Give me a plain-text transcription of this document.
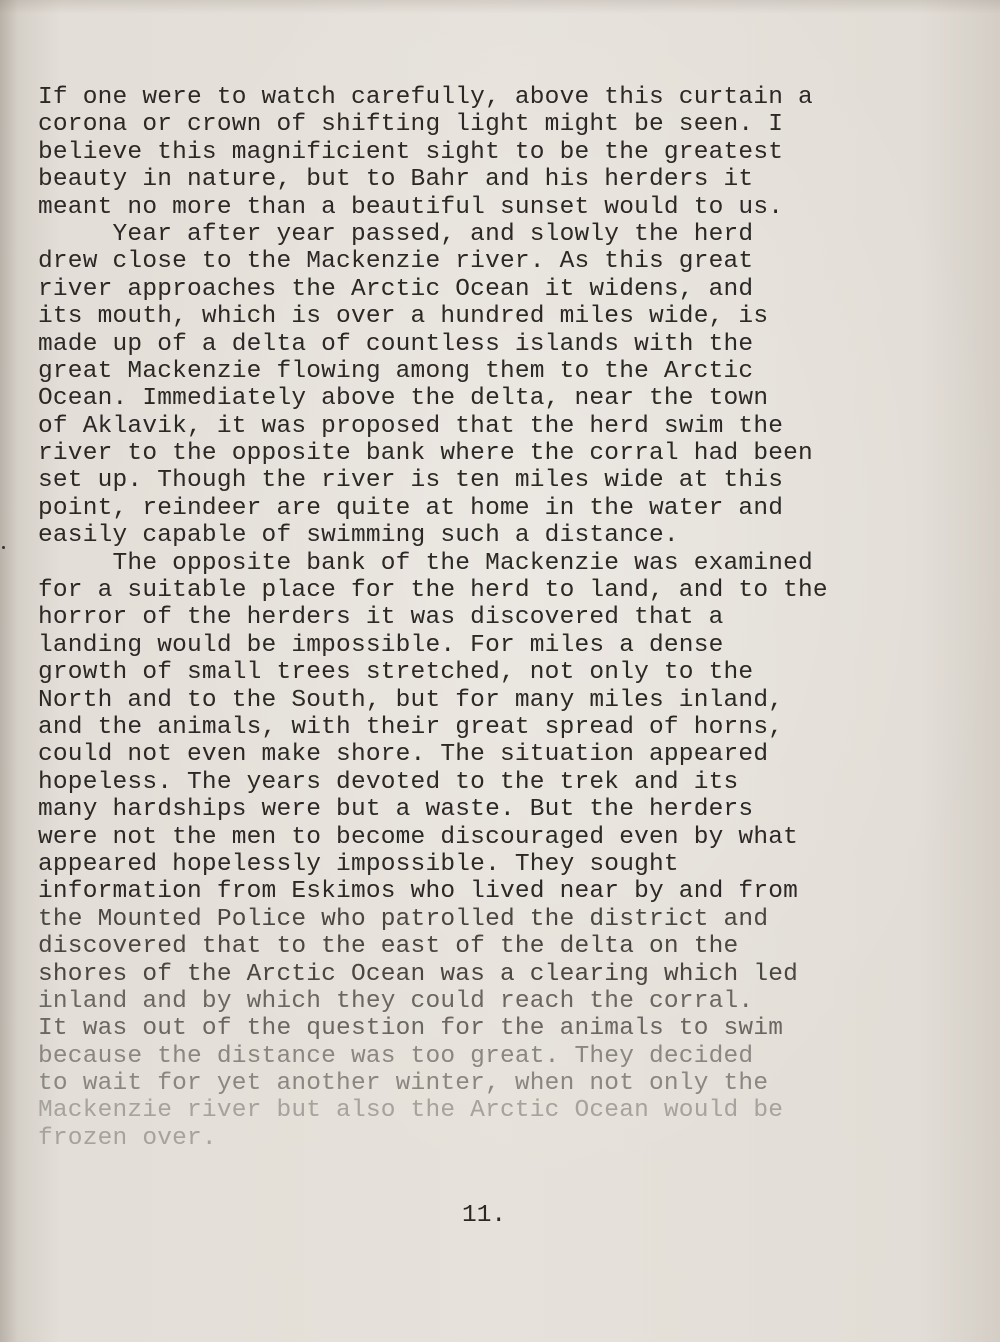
If one were to watch carefully, above this curtain a
corona or crown of shifting light might be seen. I
believe this magnificient sight to be the greatest
beauty in nature, but to Bahr and his herders it
meant no more than a beautiful sunset would to us.
Year after year passed, and slowly the herd
drew close to the Mackenzie river. As this great
river approaches the Arctic Ocean it widens, and
its mouth, which is over a hundred miles wide, is
made up of a delta of countless islands with the
great Mackenzie flowing among them to the Arctic
Ocean. Immediately above the delta, near the town
of Aklavik, it was proposed that the herd swim the
river to the opposite bank where the corral had been
set up. Though the river is ten miles wide at this
point, reindeer are quite at home in the water and
easily capable of swimming such a distance.
The opposite bank of the Mackenzie was examined
for a suitable place for the herd to land, and to the
horror of the herders it was discovered that a
landing would be impossible. For miles a dense
growth of small trees stretched, not only to the
North and to the South, but for many miles inland,
and the animals, with their great spread of horns,
could not even make shore. The situation appeared
hopeless. The years devoted to the trek and its
many hardships were but a waste. But the herders
were not the men to become discouraged even by what
appeared hopelessly impossible. They sought
information from Eskimos who lived near by and from
the Mounted Police who patrolled the district and
discovered that to the east of the delta on the
shores of the Arctic Ocean was a clearing which led
inland and by which they could reach the corral.
It was out of the question for the animals to swim
because the distance was too great. They decided
to wait for yet another winter, when not only the
Mackenzie river but also the Arctic Ocean would be
frozen over.
11.
